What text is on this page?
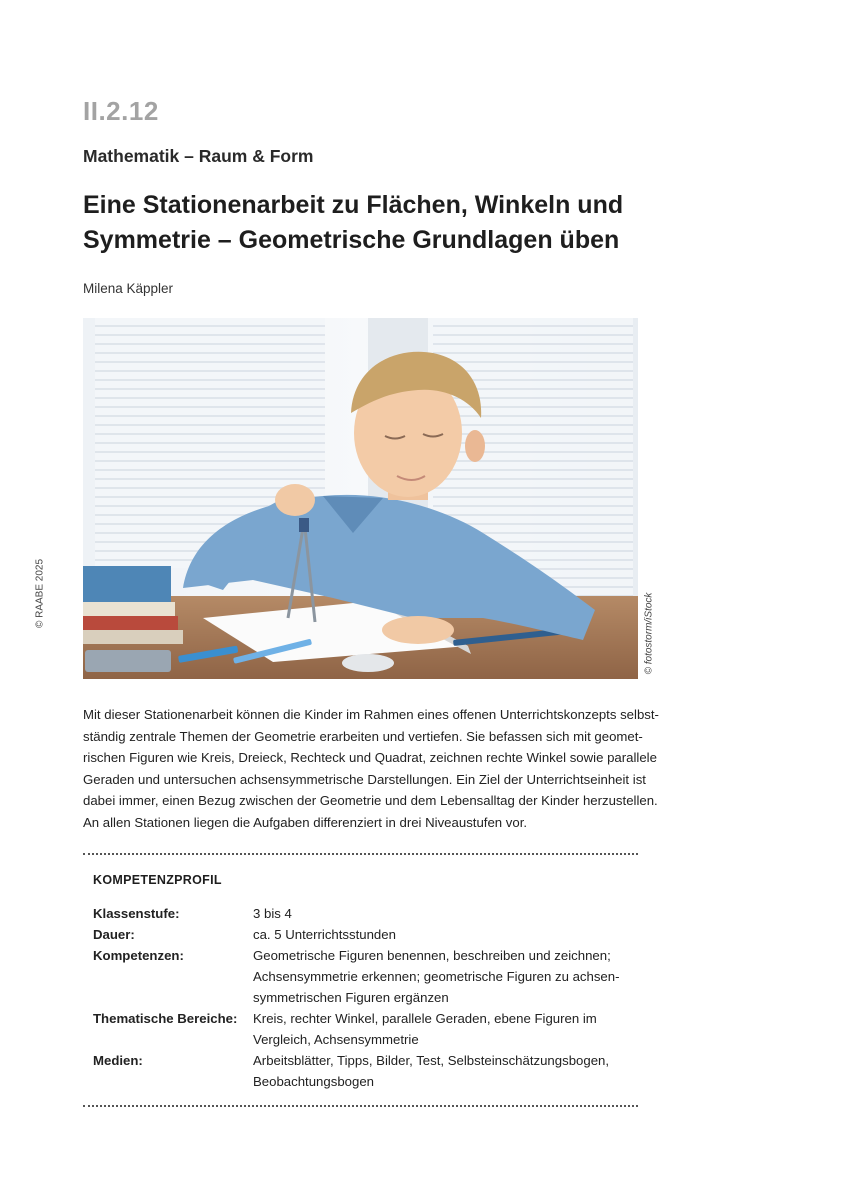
II.2.12
Mathematik – Raum & Form
Eine Stationenarbeit zu Flächen, Winkeln und
Symmetrie – Geometrische Grundlagen üben
Milena Käppler
© RAABE 2025	© fotostorm/iStock

Mit dieser Stationenarbeit können die Kinder im Rahmen eines offenen Unterrichtskonzepts selbst-

ständig zentrale Themen der Geometrie erarbeiten und vertiefen. Sie befassen sich mit geomet-

rischen Figuren wie Kreis, Dreieck, Rechteck und Quadrat, zeichnen rechte Winkel sowie parallele

Geraden und untersuchen achsensymmetrische Darstellungen. Ein Ziel der Unterrichtseinheit ist

dabei immer, einen Bezug zwischen der Geometrie und dem Lebensalltag der Kinder herzustellen.

An allen Stationen liegen die Aufgaben differenziert in drei Niveaustufen vor.

KOMPETENZPROFIL
Klassenstufe:	3 bis 4
Dauer:	ca. 5 Unterrichtsstunden
Kompetenzen:	Geometrische Figuren benennen, beschreiben und zeichnen;
Achsensymmetrie erkennen; geometrische Figuren zu achsen-
symmetrischen Figuren ergänzen
Thematische Bereiche:	Kreis, rechter Winkel, parallele Geraden, ebene Figuren im
Vergleich, Achsensymmetrie
Medien:	Arbeitsblätter, Tipps, Bilder, Test, Selbsteinschätzungsbogen,
Beobachtungsbogen
